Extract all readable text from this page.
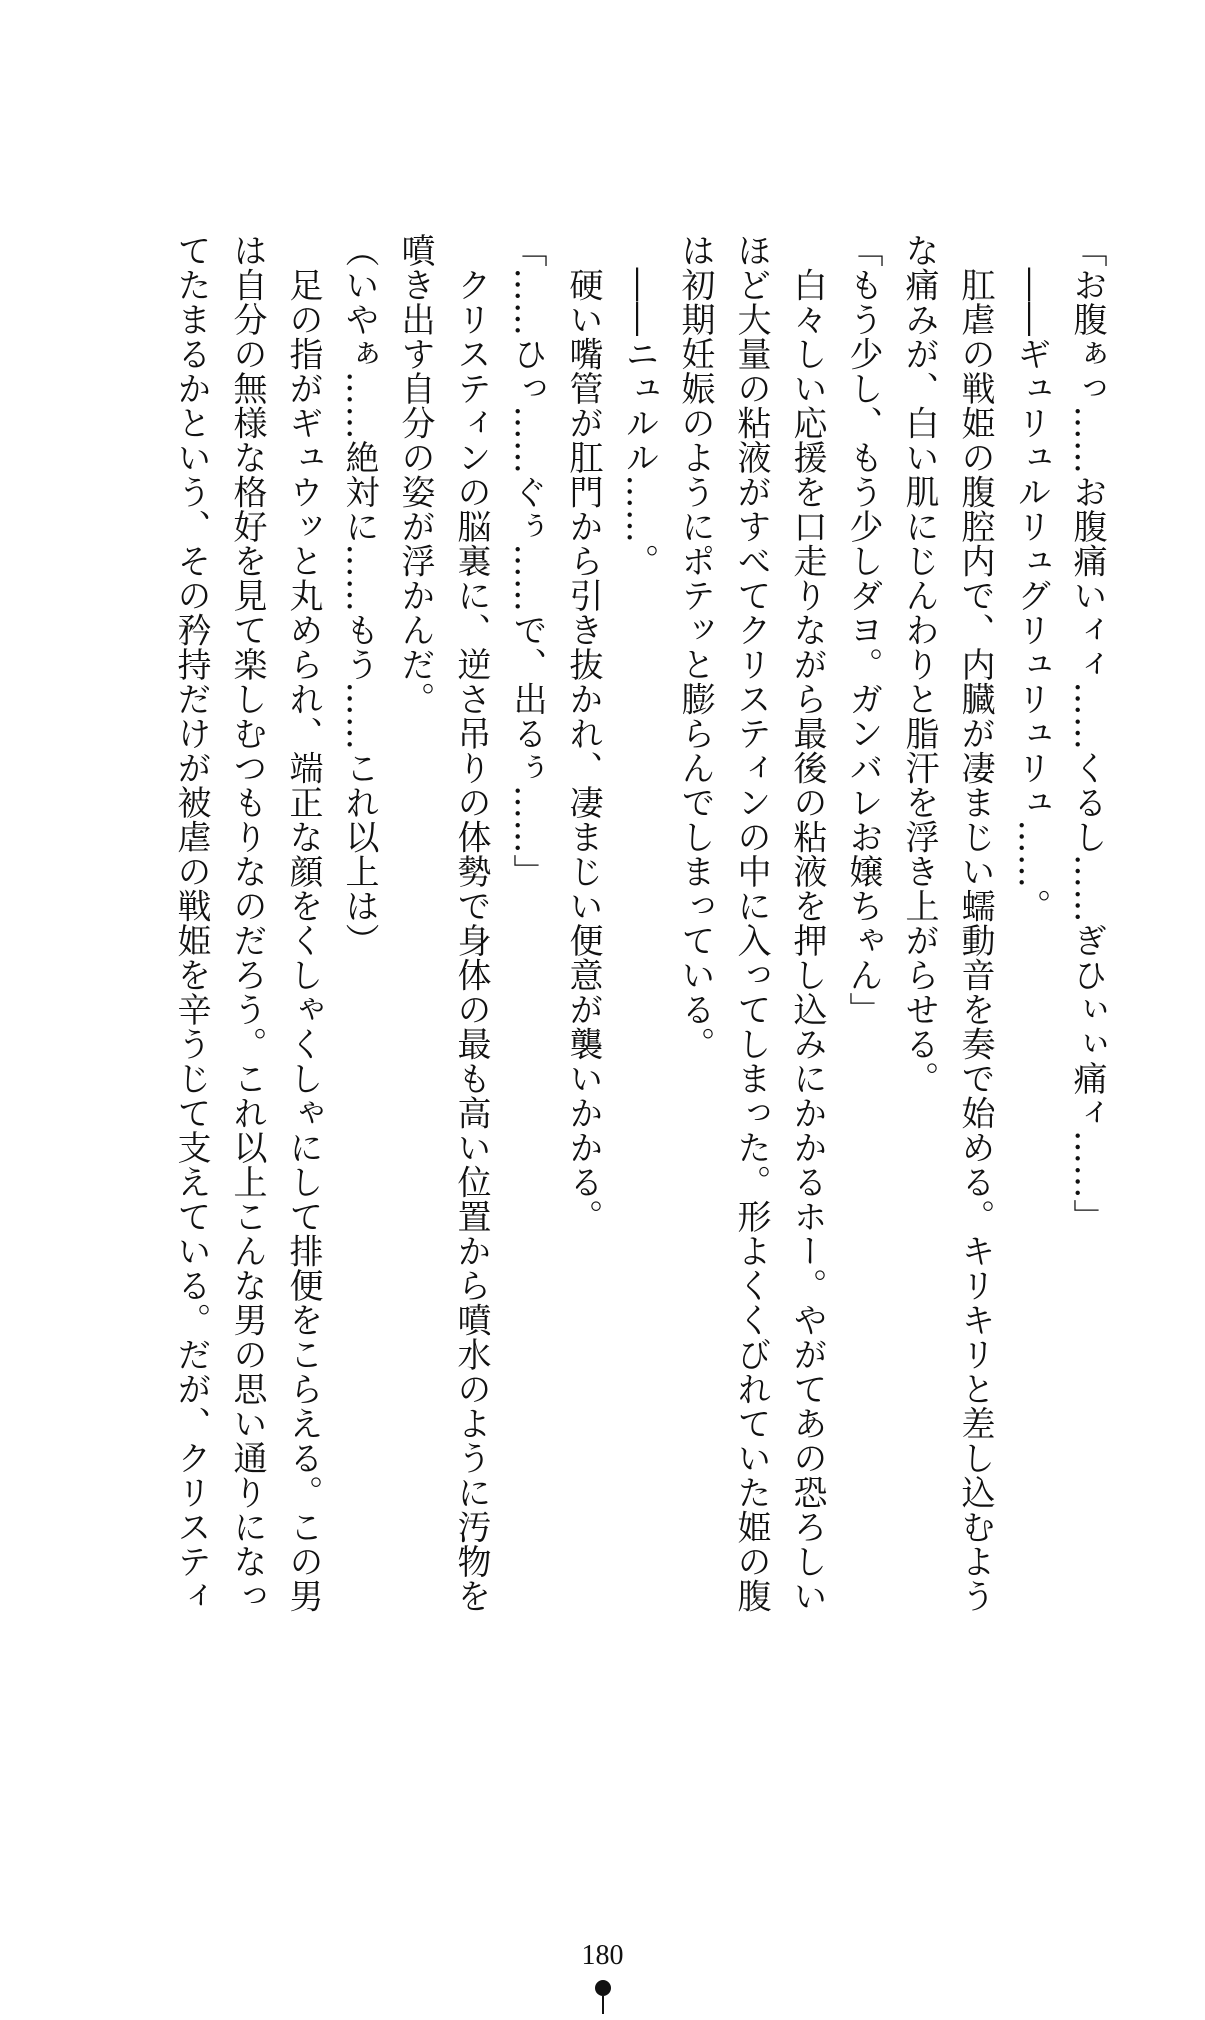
「お腹ぁっ……お腹痛いィィ……くるし……ぎひぃぃ痛ィ……」
　――ギュリュルリュグリュリュリュ……。
　肛虐の戦姫の腹腔内で、内臓が凄まじい蠕動音を奏で始める。キリキリと差し込むよう
な痛みが、白い肌にじんわりと脂汗を浮き上がらせる。
「もう少し、もう少しダヨ。ガンバレお嬢ちゃん」
　白々しい応援を口走りながら最後の粘液を押し込みにかかるホー。やがてあの恐ろしい
ほど大量の粘液がすべてクリスティンの中に入ってしまった。形よくくびれていた姫の腹
は初期妊娠のようにポテッと膨らんでしまっている。
　――ニュルル……。
　硬い嘴管が肛門から引き抜かれ、凄まじい便意が襲いかかる。
「……ひっ……ぐぅ……で、出るぅ……」
　クリスティンの脳裏に、逆さ吊りの体勢で身体の最も高い位置から噴水のように汚物を
噴き出す自分の姿が浮かんだ。
（いやぁ……絶対に……もう……これ以上は）
　足の指がギュウッと丸められ、端正な顔をくしゃくしゃにして排便をこらえる。この男
は自分の無様な格好を見て楽しむつもりなのだろう。これ以上こんな男の思い通りになっ
てたまるかという、その矜持だけが被虐の戦姫を辛うじて支えている。だが、クリスティ
180
